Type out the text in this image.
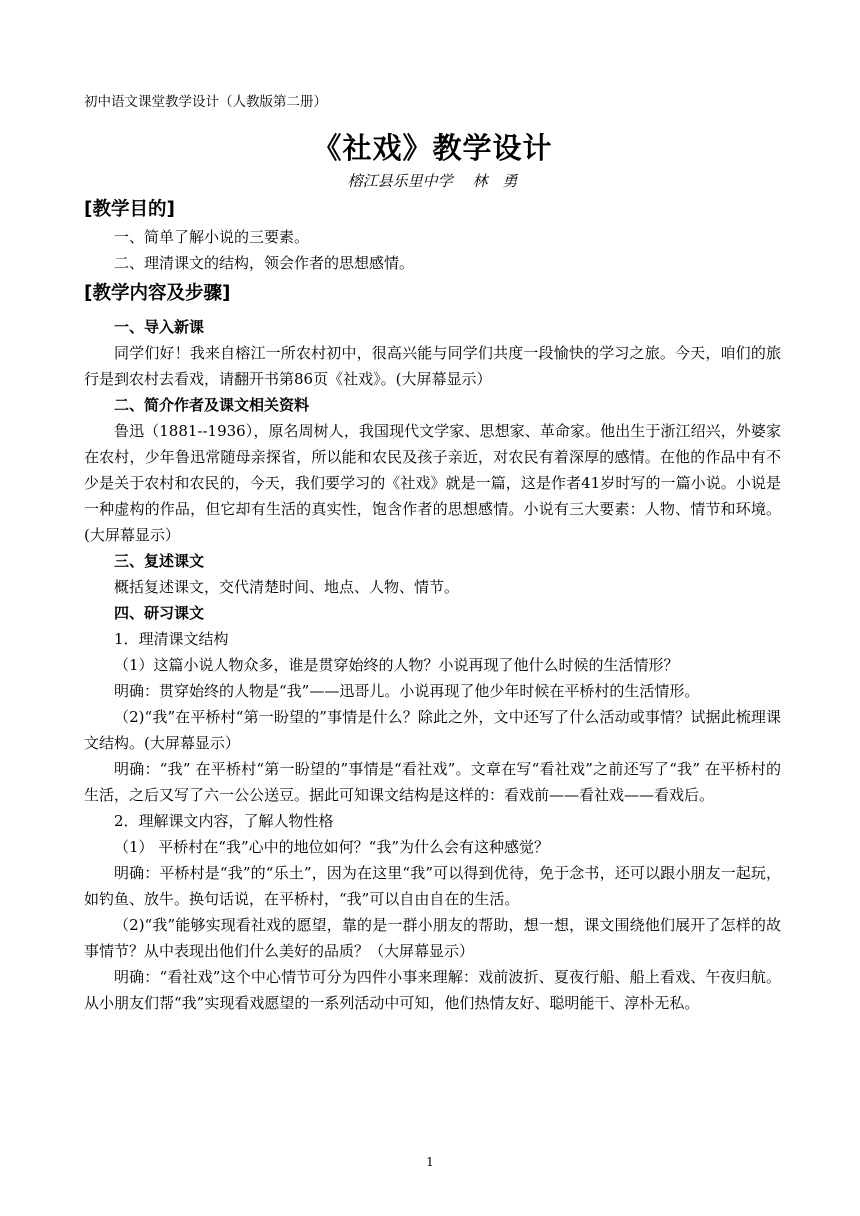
初中语文课堂教学设计（人教版第二册）
《社戏》教学设计
榕江县乐里中学　 林　勇
[教学目的]

一、简单了解小说的三要素。

二、理清课文的结构，领会作者的思想感情。

[教学内容及步骤]

一、导入新课

同学们好！我来自榕江一所农村初中，很高兴能与同学们共度一段愉快的学习之旅。今天，咱们的旅行是到农村去看戏，请翻开书第86页《社戏》。(大屏幕显示）

二、简介作者及课文相关资料

鲁迅（1881--1936），原名周树人，我国现代文学家、思想家、革命家。他出生于浙江绍兴，外婆家在农村，少年鲁迅常随母亲探省，所以能和农民及孩子亲近，对农民有着深厚的感情。在他的作品中有不少是关于农村和农民的，今天，我们要学习的《社戏》就是一篇，这是作者41岁时写的一篇小说。小说是一种虚构的作品，但它却有生活的真实性，饱含作者的思想感情。小说有三大要素：人物、情节和环境。(大屏幕显示）

三、复述课文

概括复述课文，交代清楚时间、地点、人物、情节。

四、研习课文

1．理清课文结构

（1）这篇小说人物众多，谁是贯穿始终的人物？小说再现了他什么时候的生活情形？

明确：贯穿始终的人物是“我”——迅哥儿。小说再现了他少年时候在平桥村的生活情形。

（2)“我”在平桥村“第一盼望的”事情是什么？除此之外，文中还写了什么活动或事情？试据此梳理课文结构。(大屏幕显示）

明确：“我” 在平桥村“第一盼望的”事情是“看社戏”。文章在写“看社戏”之前还写了“我” 在平桥村的生活，之后又写了六一公公送豆。据此可知课文结构是这样的：看戏前——看社戏——看戏后。

2．理解课文内容，了解人物性格

（1） 平桥村在“我”心中的地位如何？“我”为什么会有这种感觉？

明确：平桥村是“我”的“乐土”，因为在这里“我”可以得到优待，免于念书，还可以跟小朋友一起玩，如钓鱼、放牛。换句话说，在平桥村，“我”可以自由自在的生活。

（2)“我”能够实现看社戏的愿望，靠的是一群小朋友的帮助，想一想，课文围绕他们展开了怎样的故事情节？从中表现出他们什么美好的品质？（大屏幕显示）

明确：“看社戏”这个中心情节可分为四件小事来理解：戏前波折、夏夜行船、船上看戏、午夜归航。从小朋友们帮“我”实现看戏愿望的一系列活动中可知，他们热情友好、聪明能干、淳朴无私。

1
